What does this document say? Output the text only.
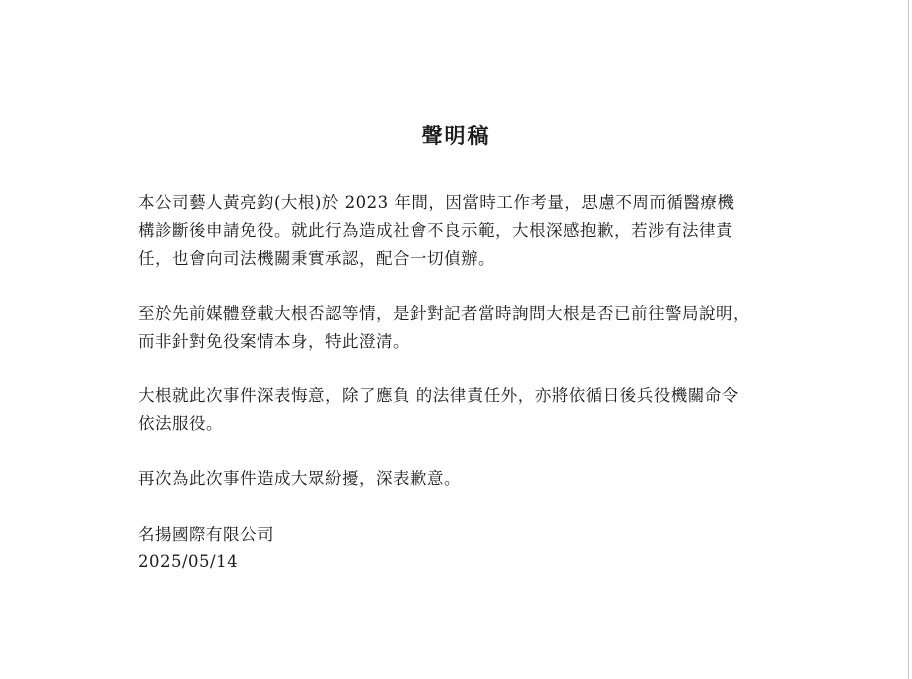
聲明稿

本公司藝人黃亮鈞(大根)於 2023 年間，因當時工作考量，思慮不周而循醫療機
構診斷後申請免役。就此行為造成社會不良示範，大根深感抱歉，若涉有法律責
任，也會向司法機關秉實承認，配合一切偵辦。

至於先前媒體登載大根否認等情，是針對記者當時詢問大根是否已前往警局說明，
而非針對免役案情本身，特此澄清。

大根就此次事件深表悔意，除了應負 的法律責任外，亦將依循日後兵役機關命令
依法服役。

再次為此次事件造成大眾紛擾，深表歉意。

名揚國際有限公司
2025/05/14
